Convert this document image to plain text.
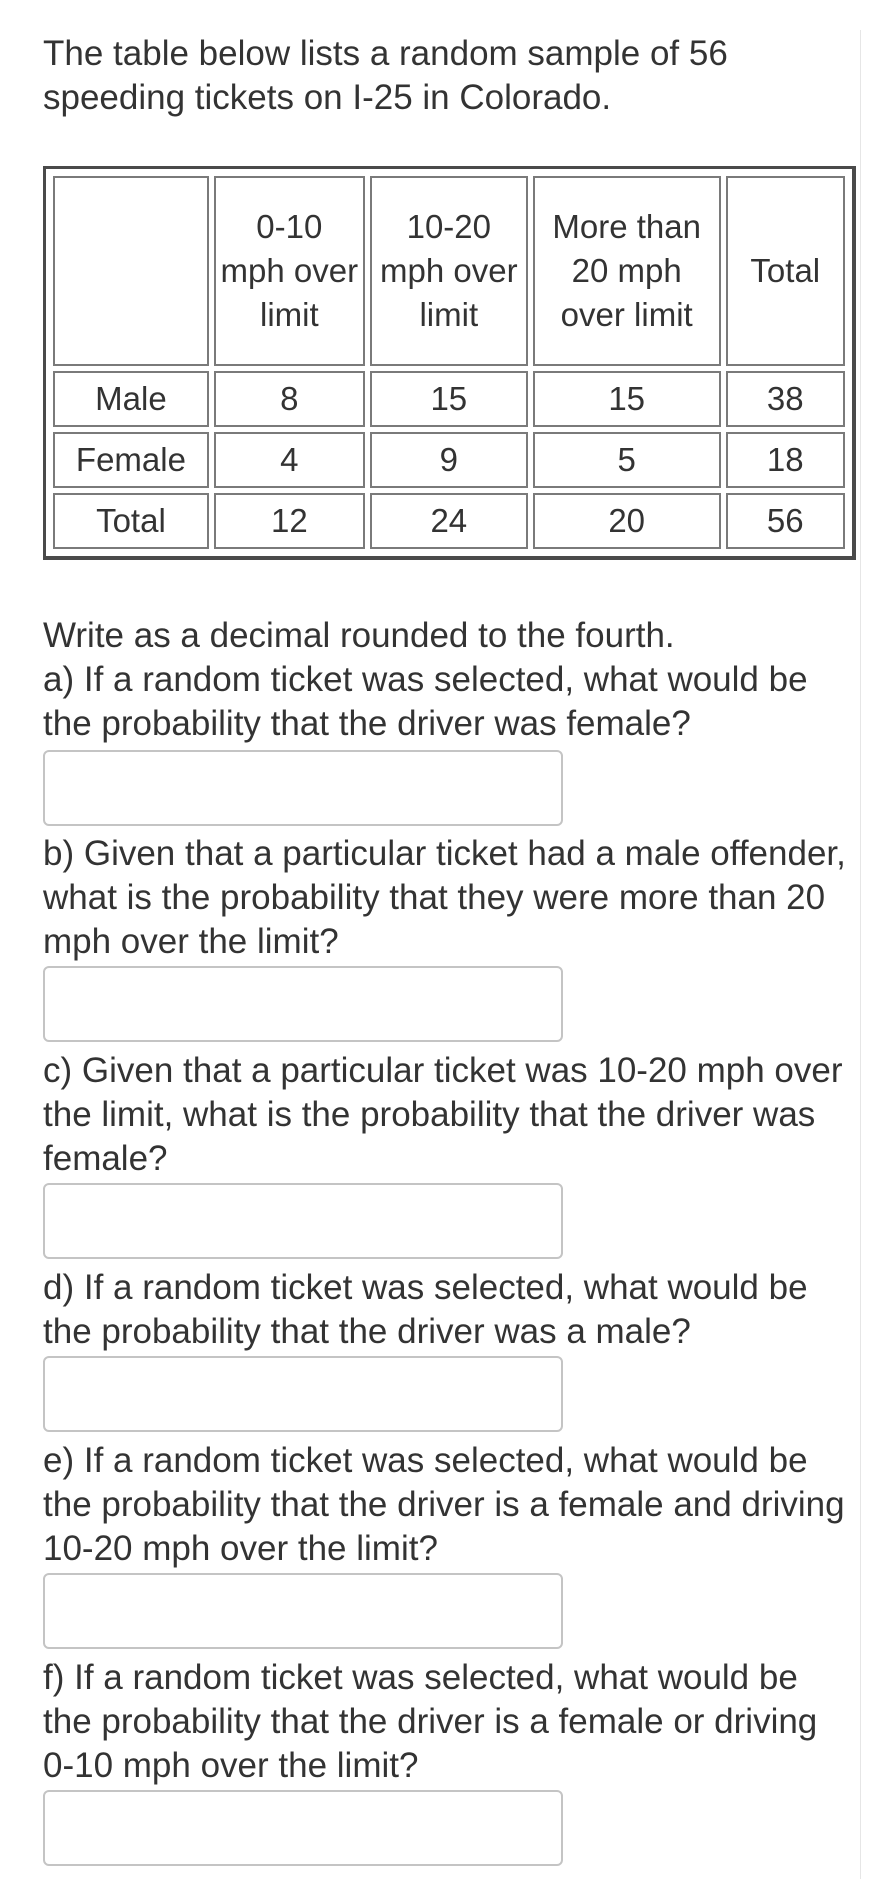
The table below lists a random sample of 56 speeding tickets on I-25 in Colorado.

	0-10 mph over limit	10-20 mph over limit	More than 20 mph over limit	Total
Male	8	15	15	38
Female	4	9	5	18
Total	12	24	20	56

Write as a decimal rounded to the fourth.

a) If a random ticket was selected, what would be the probability that the driver was female?

b) Given that a particular ticket had a male offender, what is the probability that they were more than 20 mph over the limit?

c) Given that a particular ticket was 10-20 mph over the limit, what is the probability that the driver was female?

d) If a random ticket was selected, what would be the probability that the driver was a male?

e) If a random ticket was selected, what would be the probability that the driver is a female and driving 10-20 mph over the limit?

f) If a random ticket was selected, what would be the probability that the driver is a female or driving 0-10 mph over the limit?
